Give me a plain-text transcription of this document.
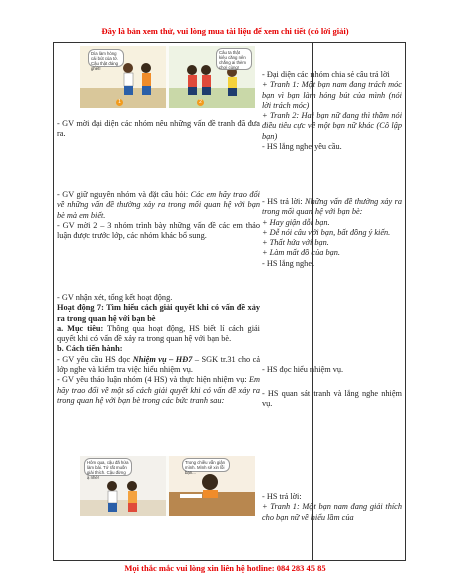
Đây là bản xem thử, vui lòng mua tài liệu để xem chi tiết (có lời giải)
Dìa làm hỏng cái bút của tớ. Cậu thật đáng ghét!
Câu ta thật kiêu căng nên chẳng ai thèm chơi cùng!
1	2
Hôm qua, cậu đã hứa làm bài. Tớ rất muốn giải thích. Cậu đừng ạ nhé!
Trong chiều vẫn giận mình. Mình sẽ xin lỗi bạn...

- GV mời đại diện các nhóm nêu những vấn đề tranh đã đưa ra.

- GV giữ nguyên nhóm và đặt câu hỏi: Các em hãy trao đổi về những vấn đề thường xảy ra trong mối quan hệ với bạn bè mà em biết.

- GV mời 2 – 3 nhóm trình bày những vấn đề các em thảo luận được trước lớp, các nhóm khác bổ sung.

- GV nhận xét, tổng kết hoạt động.

Hoạt động 7: Tìm hiểu cách giải quyết khi có vấn đề xảy ra trong quan hệ với bạn bè

a. Mục tiêu: Thông qua hoạt động, HS biết lí cách giải quyết khi có vấn đề xảy ra trong quan hệ với bạn bè.

b. Cách tiến hành:

- GV yêu cầu HS đọc Nhiệm vụ – HĐ7 – SGK tr.31 cho cả lớp nghe và kiểm tra việc hiểu nhiệm vụ.

- GV yêu thảo luận nhóm (4 HS) và thực hiện nhiệm vụ: Em hãy trao đổi về một số cách giải quyết khi có vấn đề xảy ra trong quan hệ với bạn bè trong các bức tranh sau:

- Đại diện các nhóm chia sẻ câu trả lời

+ Tranh 1: Một bạn nam đang trách móc bạn vì bạn làm hỏng bút của mình (nói lời trách móc)

+ Tranh 2: Hai bạn nữ đang thì thầm nói điều tiêu cực về một bạn nữ khác (Cô lập bạn)

- HS lắng nghe yêu cầu.

- HS trả lời: Những vấn đề thường xảy ra trong mối quan hệ với bạn bè:

+ Hay giận dỗi bạn.

+ Dễ nói câu với bạn, bất đồng ý kiến.

+ Thất hứa với bạn.

+ Làm mất đồ của bạn.

- HS lắng nghe.

- HS đọc hiểu nhiệm vụ.

- HS quan sát tranh và lắng nghe nhiệm vụ.

- HS trả lời:

+ Tranh 1: Một bạn nam đang giải thích cho bạn nữ về hiểu lầm của

Mọi thắc mắc vui lòng xin liên hệ hotline: 084 283 45 85
